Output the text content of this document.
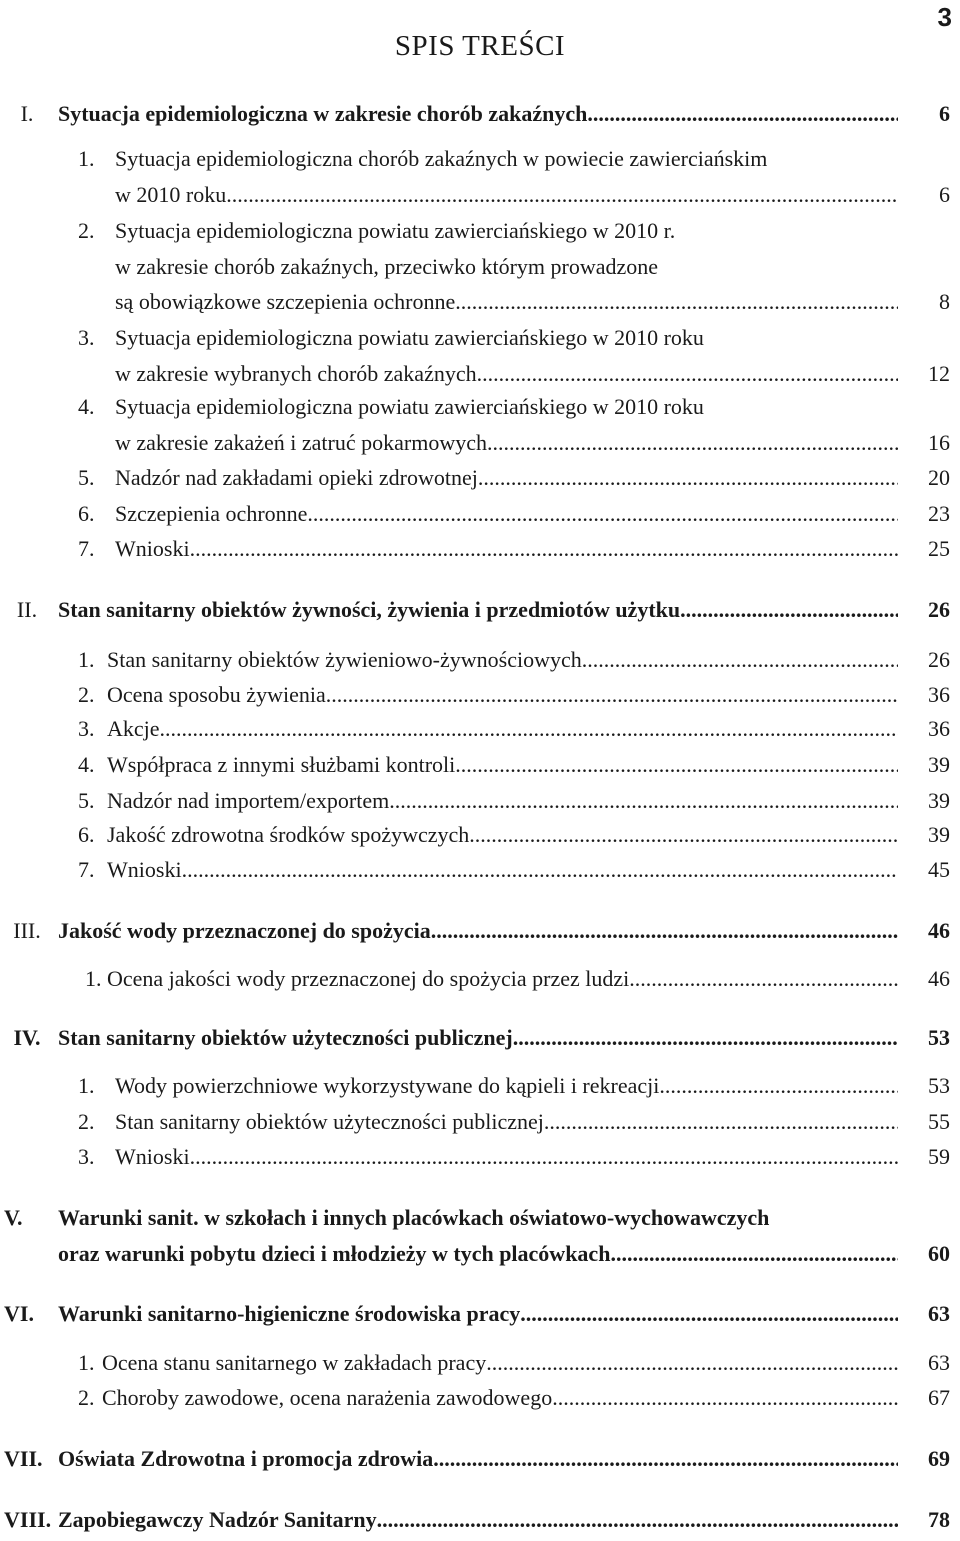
3
SPIS TREŚCI
I.	Sytuacja epidemiologiczna w zakresie chorób zakaźnych .....	6
1. Sytuacja epidemiologiczna chorób zakaźnych w powiecie zawierciańskim
w 2010 roku .....	6
2. Sytuacja epidemiologiczna powiatu zawierciańskiego w 2010 r.
w zakresie chorób zakaźnych, przeciwko którym prowadzone
są obowiązkowe szczepienia ochronne .....	8
3. Sytuacja epidemiologiczna powiatu zawierciańskiego w 2010 roku
w zakresie wybranych chorób zakaźnych .....	12
4. Sytuacja epidemiologiczna powiatu zawierciańskiego w 2010 roku
w zakresie zakażeń i zatruć pokarmowych .....	16
5. Nadzór nad zakładami opieki zdrowotnej .....	20
6. Szczepienia ochronne .....	23
7. Wnioski .....	25
II. Stan sanitarny obiektów żywności, żywienia i przedmiotów użytku .....	26
1. Stan sanitarny obiektów żywieniowo-żywnościowych .....	26
2. Ocena sposobu żywienia .....	36
3. Akcje .....	36
4. Współpraca z innymi służbami kontroli .....	39
5. Nadzór nad importem/exportem .....	39
6. Jakość zdrowotna środków spożywczych .....	39
7. Wnioski .....	45
III. Jakość wody przeznaczonej do spożycia .....	46
1. Ocena jakości wody przeznaczonej do spożycia przez ludzi .....	46
IV. Stan sanitarny obiektów użyteczności publicznej .....	53
1. Wody powierzchniowe wykorzystywane do kąpieli i rekreacji .....	53
2. Stan sanitarny obiektów użyteczności publicznej .....	55
3. Wnioski .....	59
V.	Warunki sanit. w szkołach i innych placówkach oświatowo-wychowawczych
oraz warunki pobytu dzieci i młodzieży w tych placówkach .....	60
VI.	Warunki sanitarno-higieniczne środowiska pracy .....	63
1. Ocena stanu sanitarnego w zakładach pracy .....	63
2. Choroby zawodowe, ocena narażenia zawodowego .....	67
VII. Oświata Zdrowotna i promocja zdrowia .....	69
VIII. Zapobiegawczy Nadzór Sanitarny .....	78
